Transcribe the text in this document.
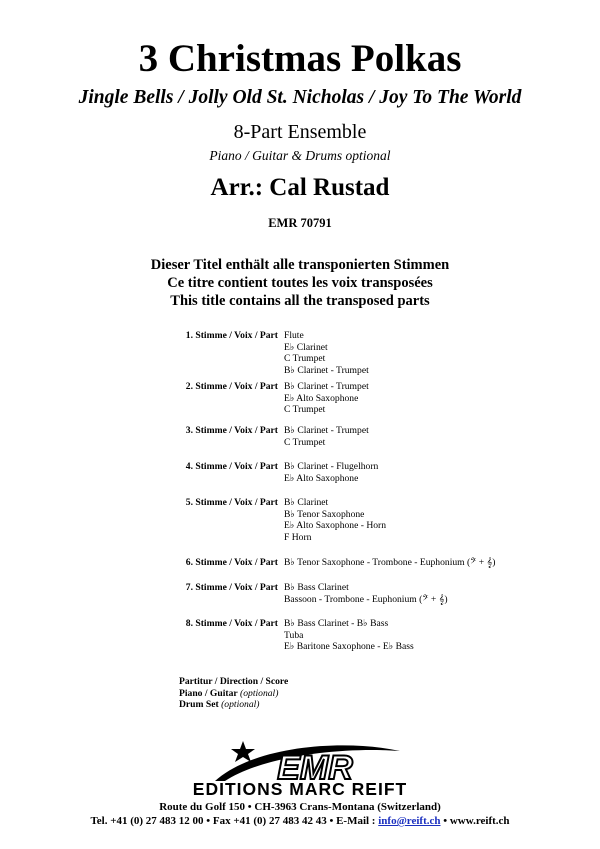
3 Christmas Polkas
Jingle Bells / Jolly Old St. Nicholas / Joy To The World
8-Part Ensemble
Piano / Guitar & Drums optional
Arr.: Cal Rustad
EMR 70791
Dieser Titel enthält alle transponierten Stimmen
Ce titre contient toutes les voix transposées
This title contains all the transposed parts
1. Stimme / Voix / Part Flute
E♭ Clarinet
C Trumpet
B♭ Clarinet - Trumpet
2. Stimme / Voix / Part B♭ Clarinet - Trumpet
E♭ Alto Saxophone
C Trumpet
3. Stimme / Voix / Part B♭ Clarinet - Trumpet
C Trumpet
4. Stimme / Voix / Part B♭ Clarinet - Flugelhorn
E♭ Alto Saxophone
5. Stimme / Voix / Part B♭ Clarinet
B♭ Tenor Saxophone
E♭ Alto Saxophone - Horn
F Horn
6. Stimme / Voix / Part B♭ Tenor Saxophone - Trombone - Euphonium (𝄢 + 𝄞)
7. Stimme / Voix / Part B♭ Bass Clarinet
Bassoon - Trombone - Euphonium (𝄢 + 𝄞)
8. Stimme / Voix / Part B♭ Bass Clarinet - B♭ Bass
Tuba
E♭ Baritone Saxophone - E♭ Bass
Partitur / Direction / Score
Piano / Guitar (optional)
Drum Set (optional)
EMR
EDITIONS MARC REIFT
Route du Golf 150 • CH-3963 Crans-Montana (Switzerland)
Tel. +41 (0) 27 483 12 00 • Fax +41 (0) 27 483 42 43 • E-Mail : info@reift.ch • www.reift.ch
